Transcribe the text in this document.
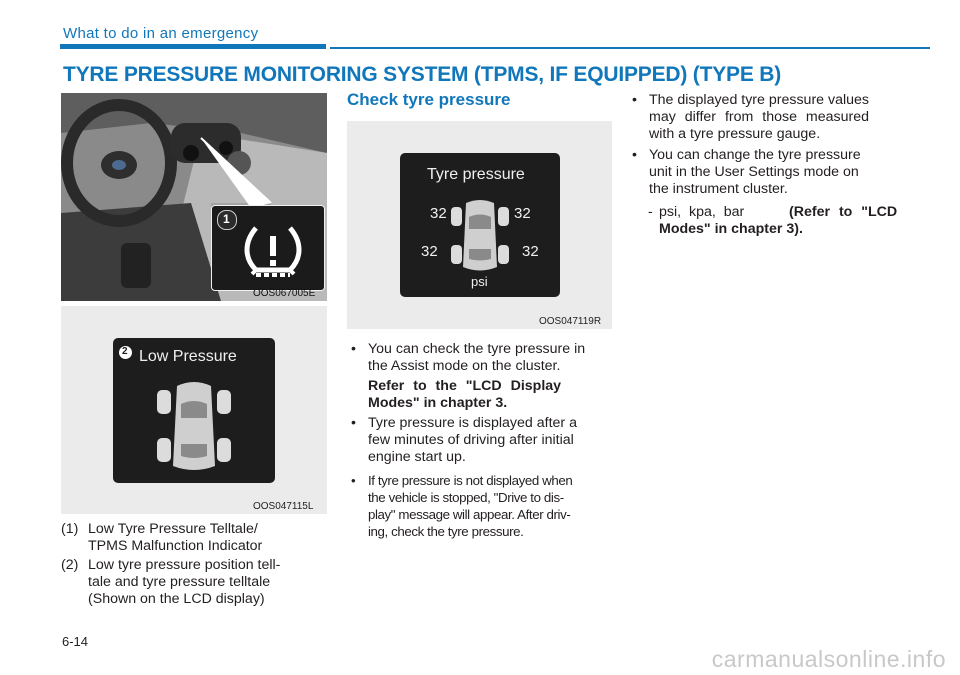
What to do in an emergency
TYRE PRESSURE MONITORING SYSTEM (TPMS, IF EQUIPPED) (TYPE B)
1
OOS067005E
2 Low Pressure
OOS047115L
(1) Low Tyre Pressure Telltale/
TPMS Malfunction Indicator
(2) Low tyre pressure position tell-
tale and tyre pressure telltale
(Shown on the LCD display)
Check tyre pressure
Tyre pressure
32	32
32	32
psi
OOS047119R
• You can check the tyre pressure in
the Assist mode on the cluster.
Refer to the "LCD Display
Modes" in chapter 3.
• Tyre pressure is displayed after a
few minutes of driving after initial
engine start up.
• If tyre pressure is not displayed when
the vehicle is stopped, "Drive to dis-
play" message will appear. After driv-
ing, check the tyre pressure.
• The displayed tyre pressure values
may differ from those measured
with a tyre pressure gauge.
• You can change the tyre pressure
unit in the User Settings mode on
the instrument cluster.
- psi, kpa, bar	(Refer to "LCD
Modes" in chapter 3).
6-14
carmanualsonline.info
